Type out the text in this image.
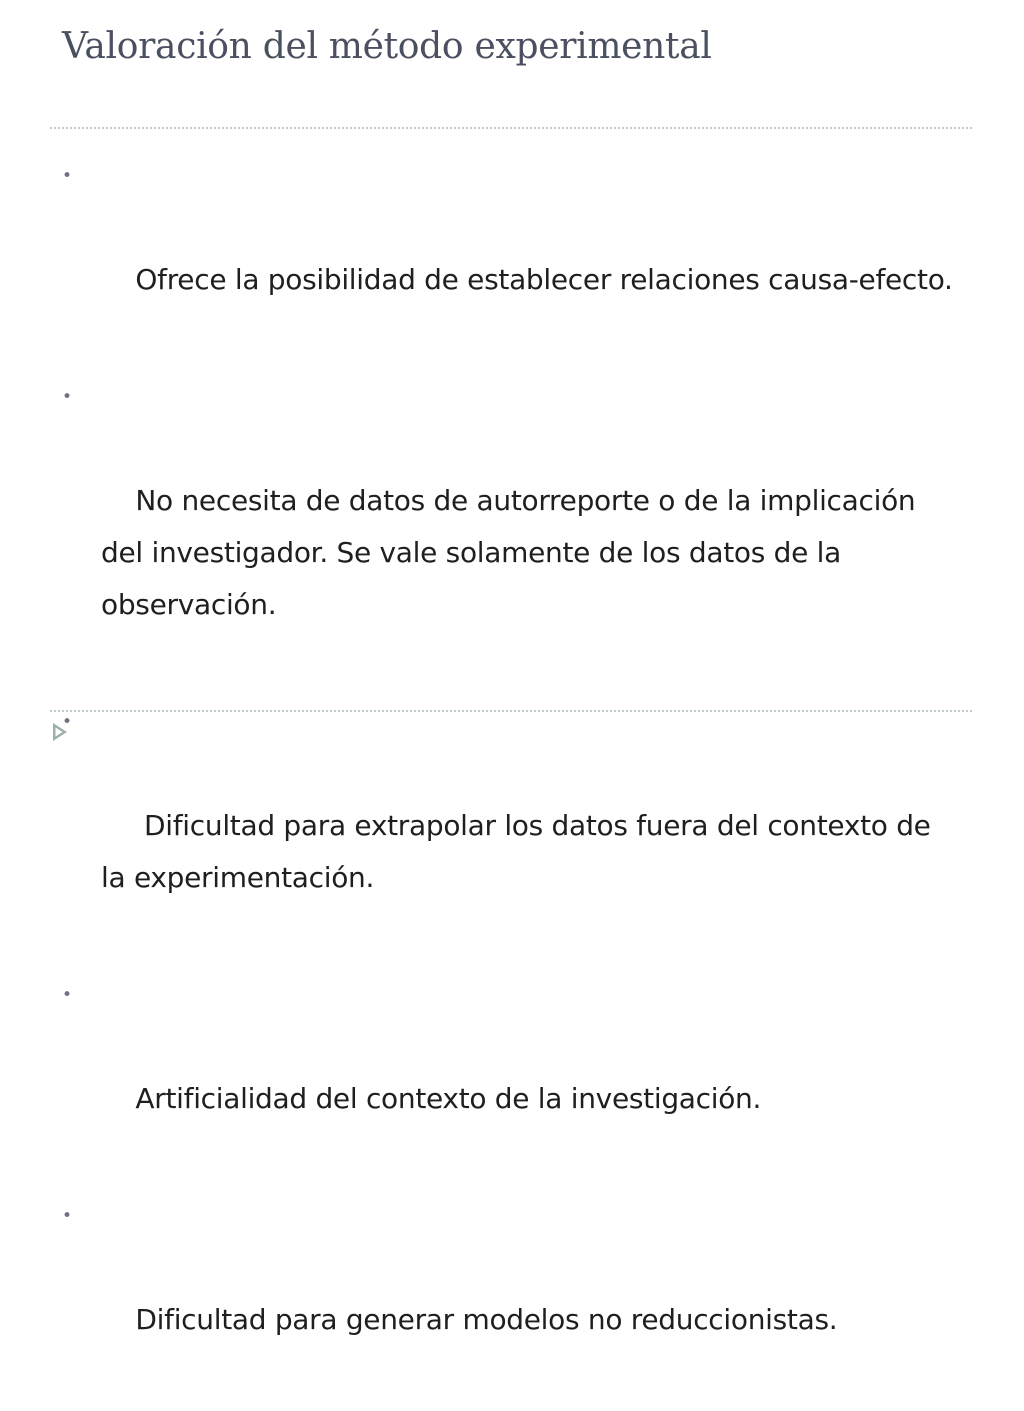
Valoración del método experimental

•

Ofrece la posibilidad de establecer relaciones causa-efecto.

•

No necesita de datos de autorreporte o de la implicación del investigador. Se vale solamente de los datos de la observación.

•

Dificultad para extrapolar los datos fuera del contexto de la experimentación.

•

Artificialidad del contexto de la investigación.

•

Dificultad para generar modelos no reduccionistas.
